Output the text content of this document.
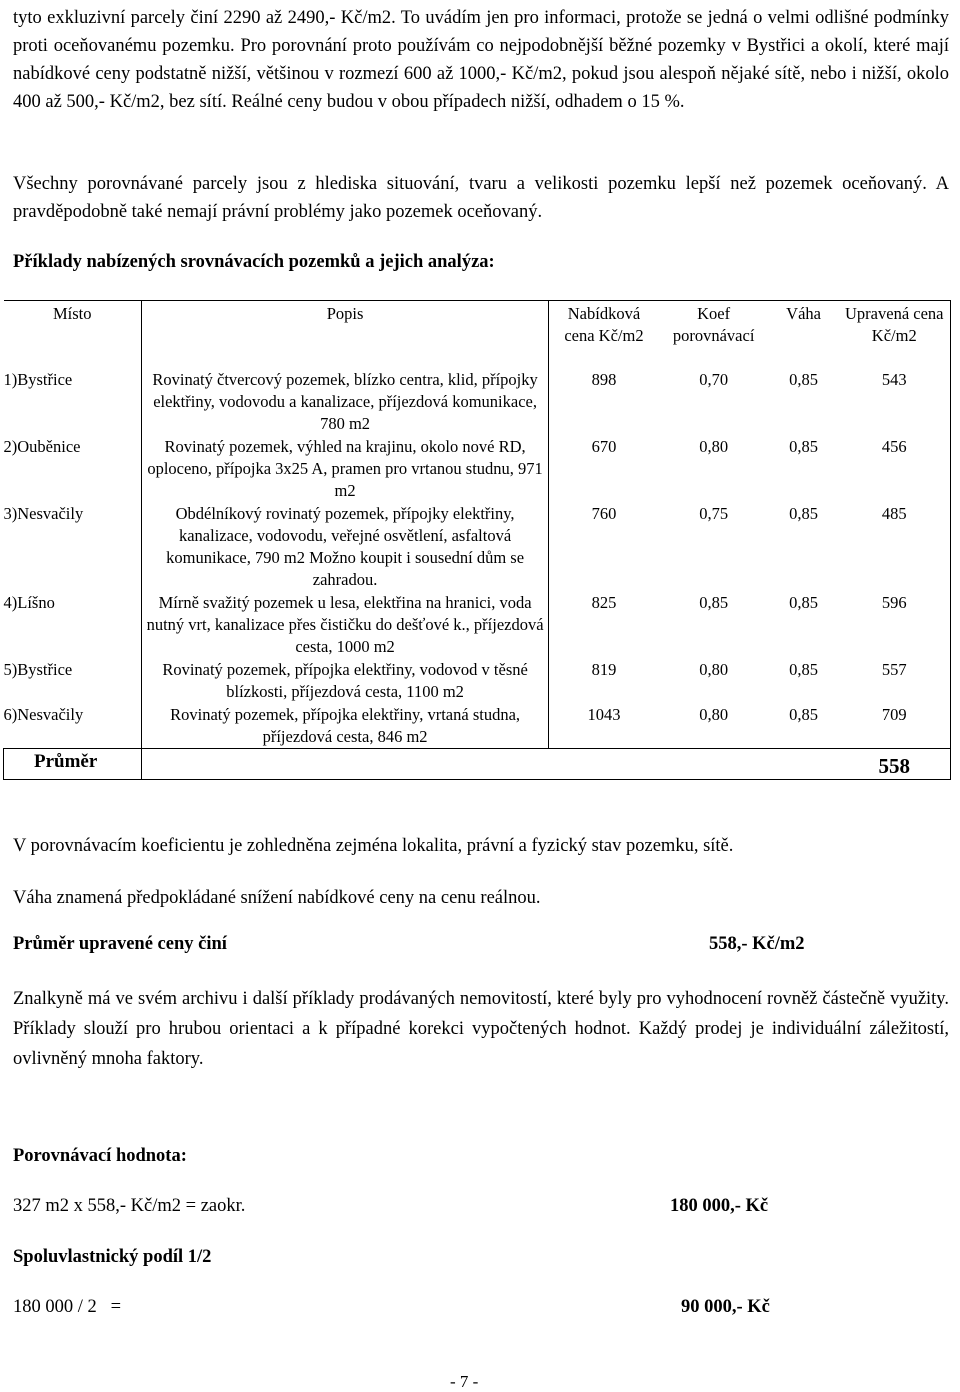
tyto exkluzivní parcely činí 2290 až 2490,- Kč/m2. To uvádím jen pro informaci, protože se jedná o velmi odlišné podmínky proti oceňovanému pozemku. Pro porovnání proto používám co nejpodobnější běžné pozemky v Bystřici a okolí, které mají nabídkové ceny podstatně nižší, většinou v rozmezí 600 až 1000,- Kč/m2, pokud jsou alespoň nějaké sítě, nebo i nižší, okolo 400 až 500,- Kč/m2, bez sítí. Reálné ceny budou v obou případech nižší, odhadem o 15 %.

Všechny porovnávané parcely jsou z hlediska situování, tvaru a velikosti pozemku lepší než pozemek oceňovaný. A pravděpodobně také nemají právní problémy jako pozemek oceňovaný.

Příklady nabízených srovnávacích pozemků a jejich analýza:
Místo	Popis	Nabídková cena Kč/m2	Koef porovnávací	Váha	Upravená cena Kč/m2
1)Bystřice	Rovinatý čtvercový pozemek, blízko centra, klid, přípojky elektřiny, vodovodu a kanalizace, příjezdová komunikace, 780 m2	898	0,70	0,85	543
2)Ouběnice	Rovinatý pozemek, výhled na krajinu, okolo nové RD, oploceno, přípojka 3x25 A, pramen pro vrtanou studnu, 971 m2	670	0,80	0,85	456
3)Nesvačily	Obdélníkový rovinatý pozemek, přípojky elektřiny, kanalizace, vodovodu, veřejné osvětlení, asfaltová komunikace, 790 m2 Možno koupit i sousední dům se zahradou.	760	0,75	0,85	485
4)Líšno	Mírně svažitý pozemek u lesa, elektřina na hranici, voda nutný vrt, kanalizace přes čističku do dešťové k., příjezdová cesta, 1000 m2	825	0,85	0,85	596
5)Bystřice	Rovinatý pozemek, přípojka elektřiny, vodovod v těsné blízkosti, příjezdová cesta, 1100 m2	819	0,80	0,85	557
6)Nesvačily	Rovinatý pozemek, přípojka elektřiny, vrtaná studna, příjezdová cesta, 846 m2	1043	0,80	0,85	709
Průměr					558

V porovnávacím koeficientu je zohledněna zejména lokalita, právní a fyzický stav pozemku, sítě.

Váha znamená předpokládané snížení nabídkové ceny na cenu reálnou.

Průměr upravené ceny činí	558,- Kč/m2

Znalkyně má ve svém archivu i další příklady prodávaných nemovitostí, které byly pro vyhodnocení rovněž částečně využity. Příklady slouží pro hrubou orientaci a k případné korekci vypočtených hodnot. Každý prodej je individuální záležitostí, ovlivněný mnoha faktory.

Porovnávací hodnota:
327 m2 x 558,- Kč/m2 = zaokr.	180 000,- Kč
Spoluvlastnický podíl 1/2
180 000 / 2   =	90 000,- Kč
- 7 -
